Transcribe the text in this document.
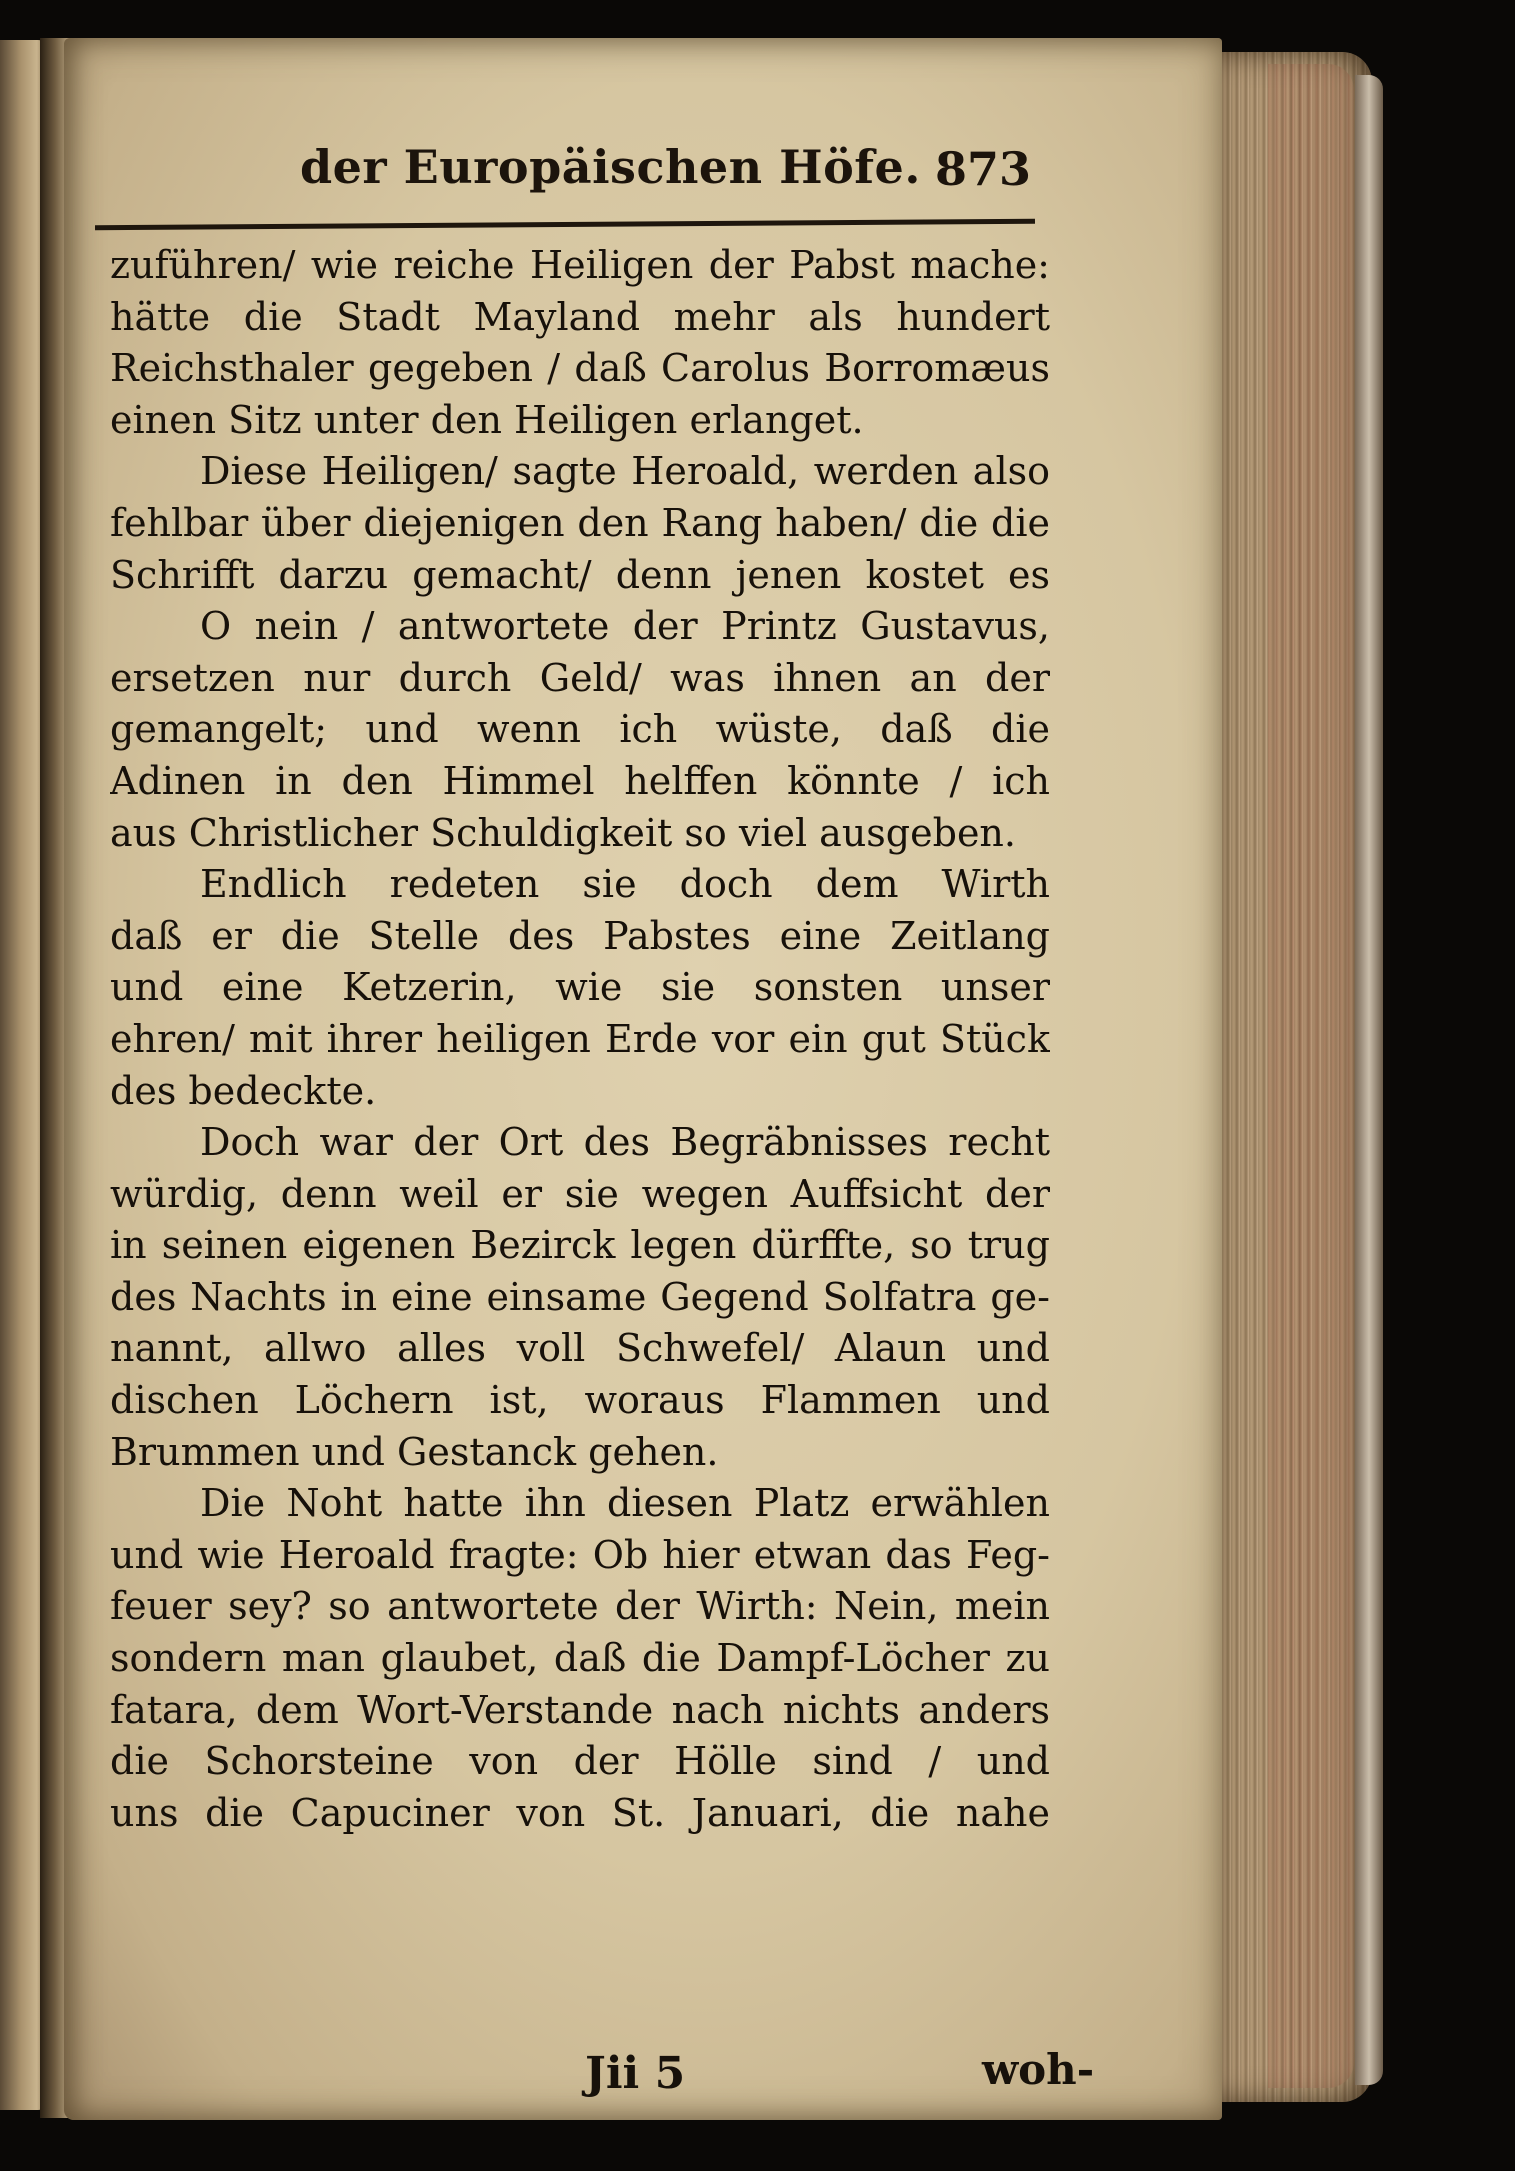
der Europäischen Höfe. 873
zuführen/ wie reiche Heiligen der Pabst mache:
hätte die Stadt Mayland mehr als hundert
Reichsthaler gegeben / daß Carolus Borromæus
einen Sitz unter den Heiligen erlanget.
Diese Heiligen/ sagte Heroald, werden also
fehlbar über diejenigen den Rang haben/ die die
Schrifft darzu gemacht/ denn jenen kostet es
O nein / antwortete der Printz Gustavus,
ersetzen nur durch Geld/ was ihnen an der
gemangelt; und wenn ich wüste, daß die
Adinen in den Himmel helffen könnte / ich
aus Christlicher Schuldigkeit so viel ausgeben.
Endlich redeten sie doch dem Wirth
daß er die Stelle des Pabstes eine Zeitlang
und eine Ketzerin, wie sie sonsten unser
ehren/ mit ihrer heiligen Erde vor ein gut Stück
des bedeckte.
Doch war der Ort des Begräbnisses recht
würdig, denn weil er sie wegen Auffsicht der
in seinen eigenen Bezirck legen dürffte, so trug
des Nachts in eine einsame Gegend Solfatra ge-
nannt, allwo alles voll Schwefel/ Alaun und
dischen Löchern ist, woraus Flammen und
Brummen und Gestanck gehen.
Die Noht hatte ihn diesen Platz erwählen
und wie Heroald fragte: Ob hier etwan das Feg-
feuer sey? so antwortete der Wirth: Nein, mein
sondern man glaubet, daß die Dampf-Löcher zu
fatara, dem Wort-Verstande nach nichts anders
die Schorsteine von der Hölle sind / und
uns die Capuciner von St. Januari, die nahe
Jii 5	woh-
